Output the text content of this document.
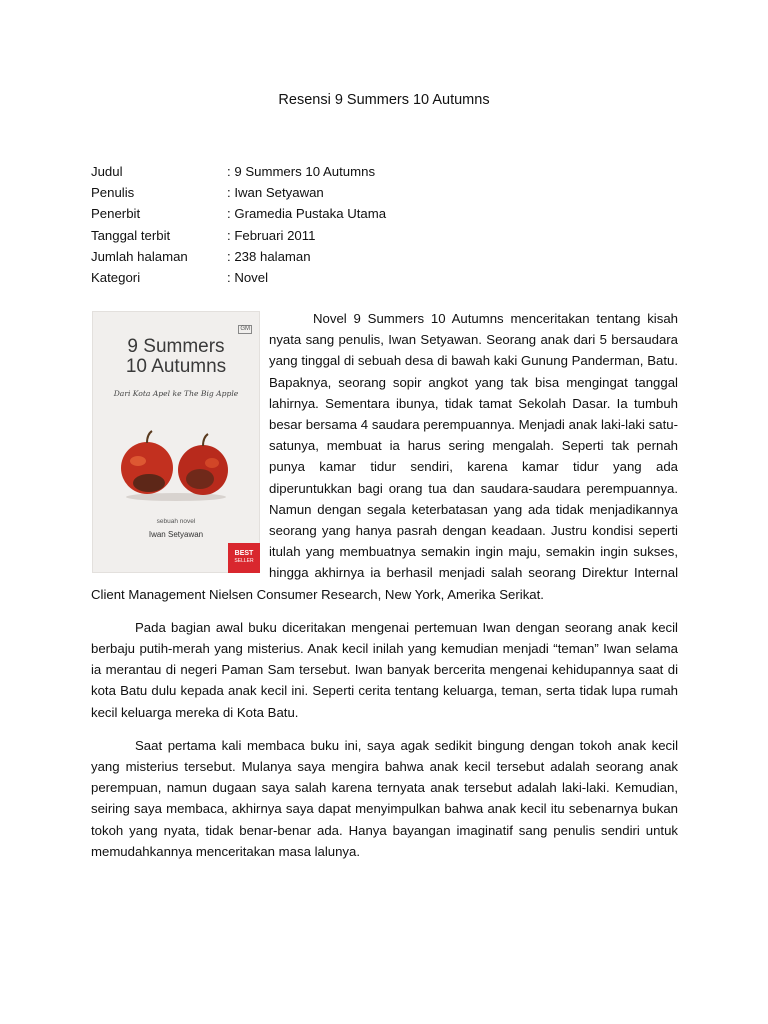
Resensi 9 Summers 10 Autumns
Judul	: 9 Summers 10 Autumns
Penulis	: Iwan Setyawan
Penerbit	: Gramedia Pustaka Utama
Tanggal terbit	: Februari 2011
Jumlah halaman	: 238 halaman
Kategori	: Novel
GM
9 Summers
10 Autumns
Dari Kota Apel ke The Big Apple
sebuah novel
Iwan Setyawan
BEST
SELLER

Novel 9 Summers 10 Autumns menceritakan tentang kisah nyata sang penulis, Iwan Setyawan. Seorang anak dari 5 bersaudara yang tinggal di sebuah desa di bawah kaki Gunung Panderman, Batu. Bapaknya, seorang sopir angkot yang tak bisa mengingat tanggal lahirnya. Sementara ibunya, tidak tamat Sekolah Dasar. Ia tumbuh besar bersama 4 saudara perempuannya. Menjadi anak laki-laki satu-satunya, membuat ia harus sering mengalah. Seperti tak pernah punya kamar tidur sendiri, karena kamar tidur yang ada diperuntukkan bagi orang tua dan saudara-saudara perempuannya. Namun dengan segala keterbatasan yang ada tidak menjadikannya seorang yang hanya pasrah dengan keadaan. Justru kondisi seperti itulah yang membuatnya semakin ingin maju, semakin ingin sukses, hingga akhirnya ia berhasil menjadi salah seorang Direktur Internal Client Management Nielsen Consumer Research, New York, Amerika Serikat.

Pada bagian awal buku diceritakan mengenai pertemuan Iwan dengan seorang anak kecil berbaju putih-merah yang misterius. Anak kecil inilah yang kemudian menjadi “teman” Iwan selama ia merantau di negeri Paman Sam tersebut. Iwan banyak bercerita mengenai kehidupannya saat di kota Batu dulu kepada anak kecil ini. Seperti cerita tentang keluarga, teman, serta tidak lupa rumah kecil keluarga mereka di Kota Batu.

Saat pertama kali membaca buku ini, saya agak sedikit bingung dengan tokoh anak kecil yang misterius tersebut. Mulanya saya mengira bahwa anak kecil tersebut adalah seorang anak perempuan, namun dugaan saya salah karena ternyata anak tersebut adalah laki-laki. Kemudian, seiring saya membaca, akhirnya saya dapat menyimpulkan bahwa anak kecil itu sebenarnya bukan tokoh yang nyata, tidak benar-benar ada. Hanya bayangan imaginatif sang penulis sendiri untuk memudahkannya menceritakan masa lalunya.
